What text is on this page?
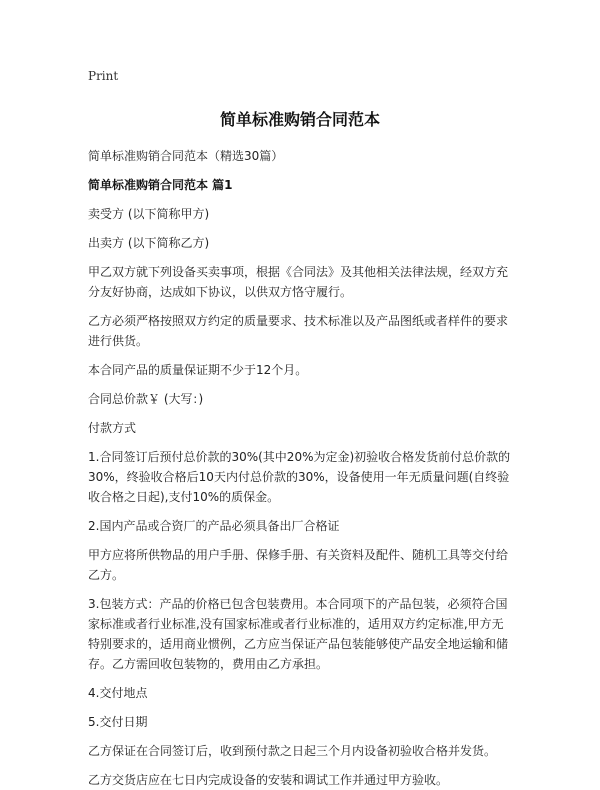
Print
简单标准购销合同范本
简单标准购销合同范本（精选30篇）
简单标准购销合同范本 篇1
卖受方 (以下简称甲方)
出卖方 (以下简称乙方)
甲乙双方就下列设备买卖事项，根据《合同法》及其他相关法律法规，经双方充分友好协商，达成如下协议，以供双方恪守履行。
乙方必须严格按照双方约定的质量要求、技术标准以及产品图纸或者样件的要求进行供货。
本合同产品的质量保证期不少于12个月。
合同总价款￥ (大写：)
付款方式
1.合同签订后预付总价款的30%(其中20%为定金)初验收合格发货前付总价款的30%，终验收合格后10天内付总价款的30%，设备使用一年无质量问题(自终验收合格之日起),支付10%的质保金。
2.国内产品或合资厂的产品必须具备出厂合格证
甲方应将所供物品的用户手册、保修手册、有关资料及配件、随机工具等交付给乙方。
3.包装方式：产品的价格已包含包装费用。本合同项下的产品包装，必须符合国家标准或者行业标准,没有国家标准或者行业标准的，适用双方约定标准,甲方无特别要求的，适用商业惯例，乙方应当保证产品包装能够使产品安全地运输和储存。乙方需回收包装物的，费用由乙方承担。
4.交付地点
5.交付日期
乙方保证在合同签订后，收到预付款之日起三个月内设备初验收合格并发货。
乙方交货店应在七日内完成设备的安装和调试工作并通过甲方验收。
